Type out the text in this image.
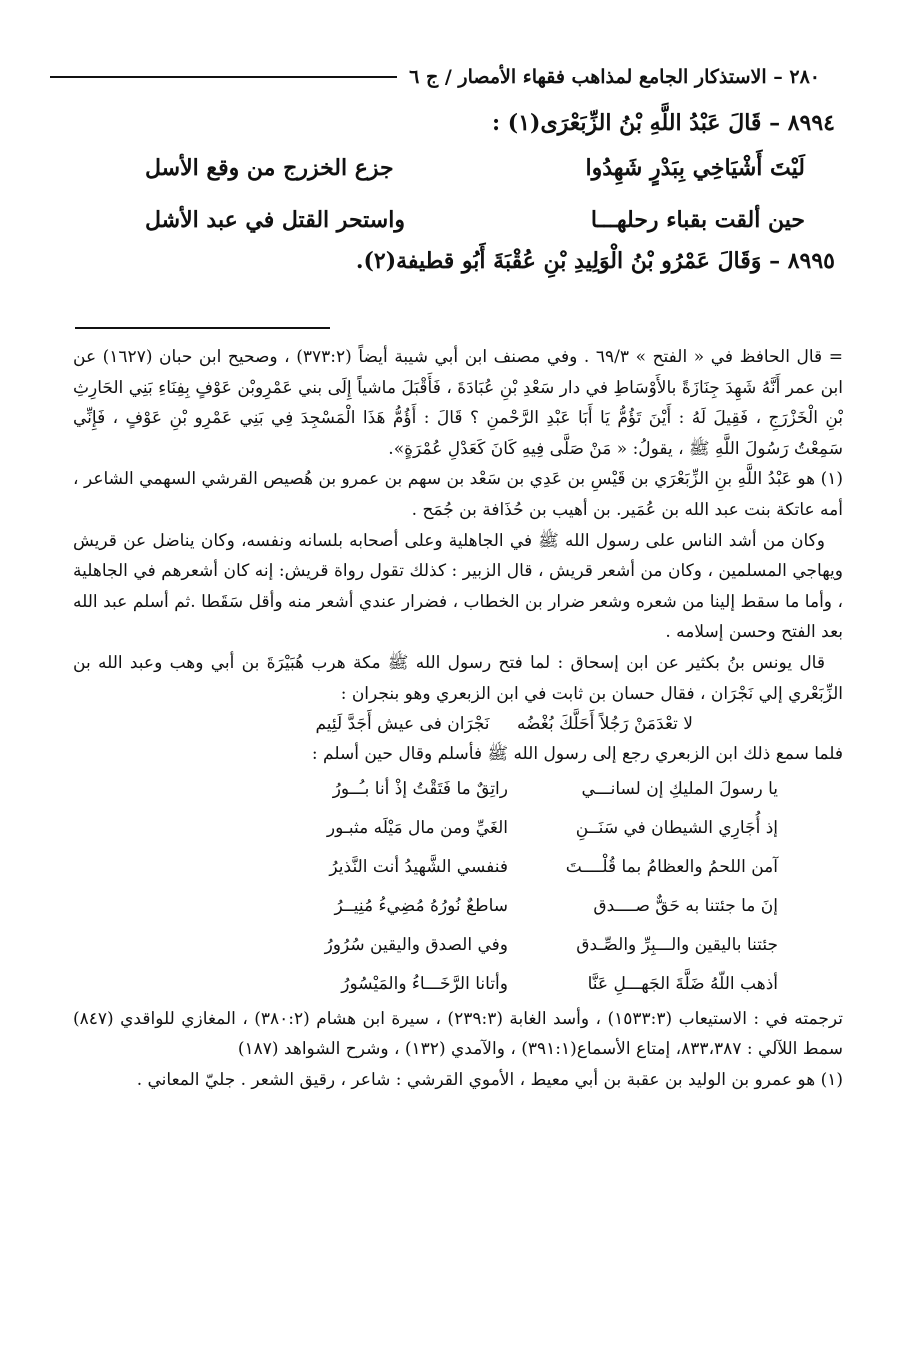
٢٨٠ – الاستذكار الجامع لمذاهب فقهاء الأمصار / ج ٦
٨٩٩٤ – قَالَ عَبْدُ اللَّهِ بْنُ الزِّبَعْرَى(١) :
لَيْتَ أَشْيَاخِي بِبَدْرٍ شَهِدُوا
جزع الخزرج من وقع الأسل
حين ألقت بقباء رحلهـــا
واستحر القتل في عبد الأشل
٨٩٩٥ – وَقَالَ عَمْرُو بْنُ الْوَلِيدِ بْنِ عُقْبَةَ أَبُو قطيفة(٢).

= قال الحافظ في « الفتح » ٦٩/٣ . وفي مصنف ابن أبي شيبة أيضاً (٣٧٣:٢) ، وصحيح ابن حبان (١٦٢٧) عن ابن عمر أَنَّهُ شَهِدَ جِنَازَةً بالأَوْسَاطِ في دار سَعْدِ بْنِ عُبَادَةَ ، فَأَقْبَلَ ماشياً إِلَى بني عَمْرِوبْن عَوْفٍ بِفِنَاءِ بَنِي الحَارِثِ بْنِ الْخَزْرَجِ ، فَقِيلَ لَهُ : أَيْنَ تَؤُمُّ يَا أَبَا عَبْدِ الرَّحْمنِ ؟ قَالَ : أَؤُمُّ هَذَا الْمَسْجِدَ فِي بَنِي عَمْرِو بْنِ عَوْفٍ ، فَإِنِّي سَمِعْتُ رَسُولَ اللَّهِ ﷺ ، يقولُ: « مَنْ صَلَّى فِيهِ كَانَ كَعَدْلِ عُمْرَةٍ».

(١) هو عَبْدُ اللَّهِ بنِ الزِّبَعْرَي بن قَيْسِ بن عَدِي بن سَعْد بن سهم بن عمرو بن هُصيص القرشي السهمي الشاعر ، أمه عاتكة بنت عبد الله بن عُمَير. بن أهيب بن حُذَافة بن جُمَح .

وكان من أشد الناس على رسول الله ﷺ في الجاهلية وعلى أصحابه بلسانه ونفسه، وكان يناضل عن قريش ويهاجي المسلمين ، وكان من أشعر قريش ، قال الزبير : كذلك تقول رواة قريش: إنه كان أشعرهم في الجاهلية ، وأما ما سقط إلينا من شعره وشعر ضرار بن الخطاب ، فضرار عندي أشعر منه وأقل سَقَطا .ثم أسلم عبد الله بعد الفتح وحسن إسلامه .

قال يونس بنُ بكثير عن ابن إسحاق : لما فتح رسول الله ﷺ مكة هرب هُبَيْرَةَ بن أبي وهب وعبد الله بن الزِّبَعْري إلي نَجْرَان ، فقال حسان بن ثابت في ابن الزبعري وهو بنجران :

لا تعْدَمَنْ رَجُلاً أَحَلَّكَ بُغْضُه نَجْرَان فى عيش أَجَدَّ لَئِيم

فلما سمع ذلك ابن الزبعري رجع إلى رسول الله ﷺ فأسلم وقال حين أسلم :

يا رسولَ المليكِ إن لسانـــي
راتِقٌ ما فَتَقْتُ إذْ أنا بـُــورُ
إذ أُجَارِي الشيطان في سَنَــنِ
الغَيِّ ومن مال مَيْلَه مثبـور
آمن اللحمُ والعظامُ بما قُلْــــتَ
فنفسي الشَّهيدُ أنت النَّذيرُ
إنَ ما جئتنا به حَقٌّ صــــدق
ساطعٌ نُورُهُ مُضِيءُ مُنِيــرُ
جئتنا باليقين والـــبِرِّ والصِّـدق
وفي الصدق واليقين سُرُورُ
أذهب اللّهُ ضَلَّةَ الجَهـــلِ عَنَّا
وأتانا الرَّخَـــاءُ والمَيْسُورُ

ترجمته في : الاستيعاب (١٥٣٣:٣) ، وأسد الغابة (٢٣٩:٣) ، سيرة ابن هشام (٣٨٠:٢) ، المغازي للواقدي (٨٤٧) سمط اللآلي : ٨٣٣،٣٨٧، إمتاع الأسماع(٣٩١:١) ، والآمدي (١٣٢) ، وشرح الشواهد (١٨٧)

(١) هو عمرو بن الوليد بن عقبة بن أبي معيط ، الأموي القرشي : شاعر ، رقيق الشعر . جليّ المعاني .
